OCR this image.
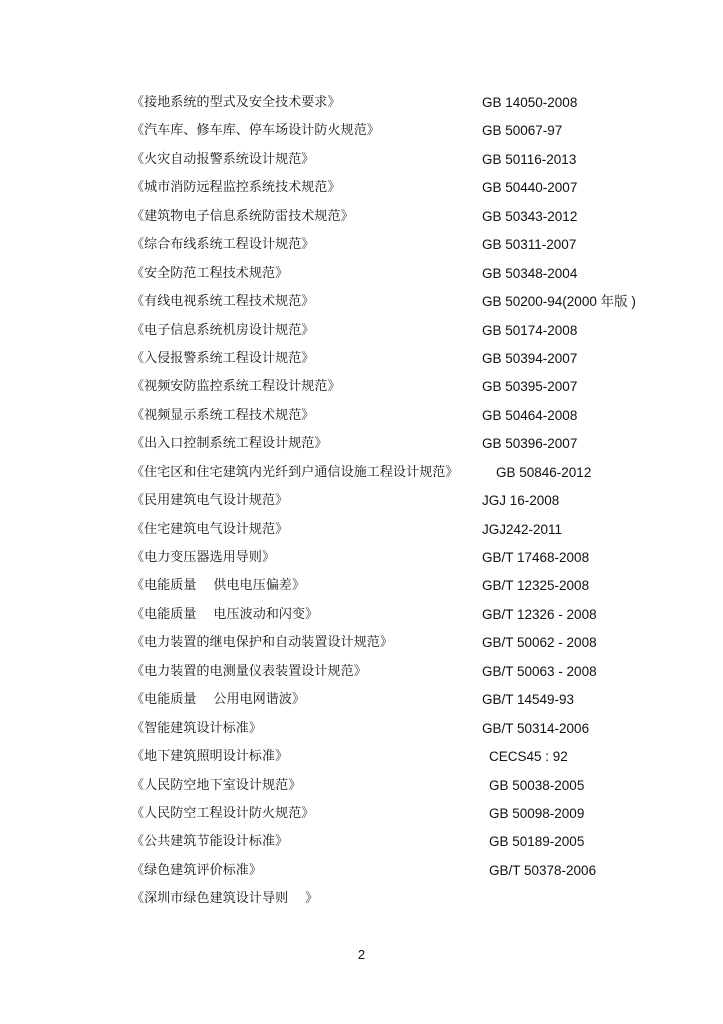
《接地系统的型式及安全技术要求》	GB 14050-2008
《汽车库、修车库、停车场设计防火规范》	GB 50067-97
《火灾自动报警系统设计规范》	GB 50116-2013
《城市消防远程监控系统技术规范》	GB 50440-2007
《建筑物电子信息系统防雷技术规范》	GB 50343-2012
《综合布线系统工程设计规范》	GB 50311-2007
《安全防范工程技术规范》	GB 50348-2004
《有线电视系统工程技术规范》	GB 50200-94(2000 年版 )
《电子信息系统机房设计规范》	GB 50174-2008
《入侵报警系统工程设计规范》	GB 50394-2007
《视频安防监控系统工程设计规范》	GB 50395-2007
《视频显示系统工程技术规范》	GB 50464-2008
《出入口控制系统工程设计规范》	GB 50396-2007
《住宅区和住宅建筑内光纤到户通信设施工程设计规范》	GB 50846-2012
《民用建筑电气设计规范》	JGJ 16-2008
《住宅建筑电气设计规范》	JGJ242-2011
《电力变压器选用导则》	GB/T 17468-2008
《电能质量    供电电压偏差》	GB/T 12325-2008
《电能质量    电压波动和闪变》	GB/T 12326 - 2008
《电力装置的继电保护和自动装置设计规范》	GB/T 50062 - 2008
《电力装置的电测量仪表装置设计规范》	GB/T 50063 - 2008
《电能质量    公用电网谐波》	GB/T 14549-93
《智能建筑设计标准》	GB/T 50314-2006
《地下建筑照明设计标准》	CECS45 : 92
《人民防空地下室设计规范》	GB 50038-2005
《人民防空工程设计防火规范》	GB 50098-2009
《公共建筑节能设计标准》	GB 50189-2005
《绿色建筑评价标准》	GB/T 50378-2006
《深圳市绿色建筑设计导则    》
2
